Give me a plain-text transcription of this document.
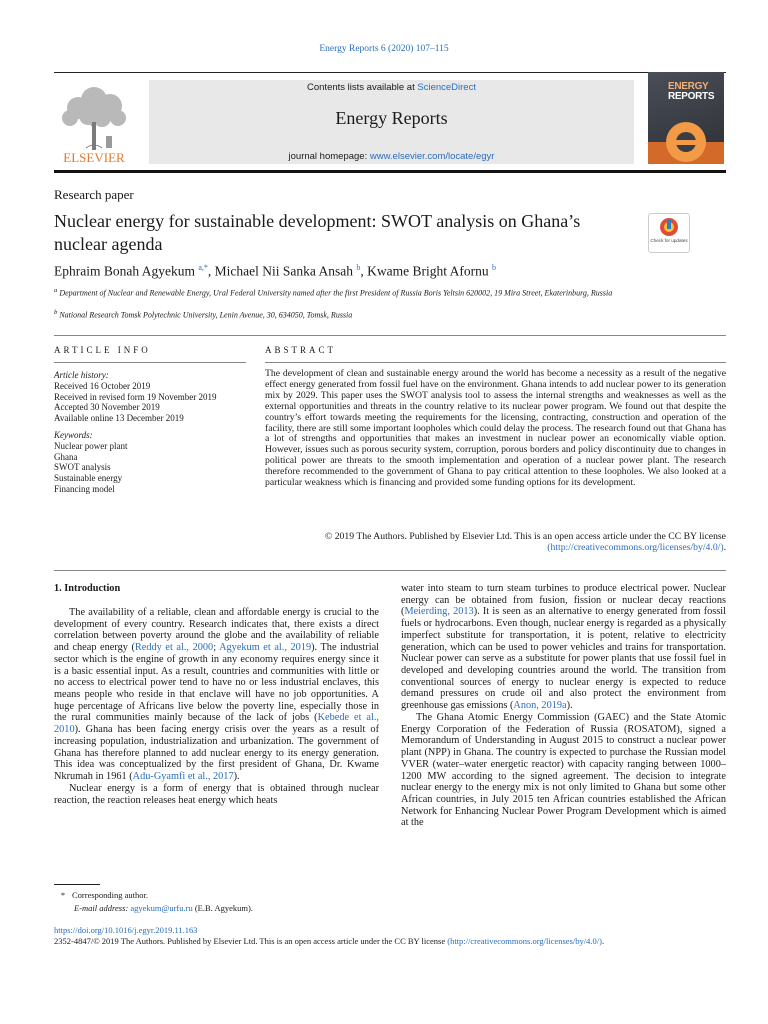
Energy Reports 6 (2020) 107–115
ELSEVIER
Contents lists available at ScienceDirect
Energy Reports
journal homepage: www.elsevier.com/locate/egyr
ENERGY
REPORTS
Research paper
Nuclear energy for sustainable development: SWOT analysis on Ghana’s nuclear agenda	Check for updates
Ephraim Bonah Agyekum $^{a,*}$, Michael Nii Sanka Ansah $^b$, Kwame Bright Afornu $^b$
$^a$ Department of Nuclear and Renewable Energy, Ural Federal University named after the first President of Russia Boris Yeltsin 620002, 19 Mira Street, Ekaterinburg, Russia
$^b$ National Research Tomsk Polytechnic University, Lenin Avenue, 30, 634050, Tomsk, Russia
ARTICLE INFO
Article history:
Received 16 October 2019
Received in revised form 19 November 2019
Accepted 30 November 2019
Available online 13 December 2019
Keywords:
Nuclear power plant
Ghana
SWOT analysis
Sustainable energy
Financing model
ABSTRACT
The development of clean and sustainable energy around the world has become a necessity as a result of the negative effect energy generated from fossil fuel have on the environment. Ghana intends to add nuclear power to its generation mix by 2029. This paper uses the SWOT analysis tool to assess the internal strengths and weaknesses as well as the external opportunities and threats in the country relative to its nuclear power program. We found out that despite the country’s effort towards meeting the requirements for the licensing, contracting, construction and operation of the facility, there are still some important loopholes which could delay the process. The research found out that Ghana has a lot of strengths and opportunities that makes an investment in nuclear power an economically viable option. However, issues such as porous security system, corruption, porous borders and policy discontinuity due to changes in political power are threats to the smooth implementation and operation of a nuclear power plant. The research therefore recommended to the government of Ghana to pay critical attention to these loopholes. We also looked at a particular weakness which is financing and provided some funding options for its development.
© 2019 The Authors. Published by Elsevier Ltd. This is an open access article under the CC BY license (http://creativecommons.org/licenses/by/4.0/).
1. Introduction

The availability of a reliable, clean and affordable energy is crucial to the development of every country. Research indicates that, there exists a direct correlation between poverty around the globe and the availability of reliable and cheap energy (Reddy et al., 2000; Agyekum et al., 2019). The industrial sector which is the engine of growth in any economy requires energy since it is a basic essential input. As a result, countries and communities with little or no access to electrical power tend to have no or less industrial enclaves, this means people who reside in that enclave will have no job opportunities. A huge percentage of Africans live below the poverty line, especially those in the rural communities mainly because of the lack of jobs (Kebede et al., 2010). Ghana has been facing energy crisis over the years as a result of increasing population, industrialization and urbanization. The government of Ghana has therefore planned to add nuclear energy to its energy generation. This idea was conceptualized by the first president of Ghana, Dr. Kwame Nkrumah in 1961 (Adu-Gyamfi et al., 2017).

Nuclear energy is a form of energy that is obtained through nuclear reaction, the reaction releases heat energy which heats

water into steam to turn steam turbines to produce electrical power. Nuclear energy can be obtained from fusion, fission or nuclear decay reactions (Meierding, 2013). It is seen as an alternative to energy generated from fossil fuels or hydrocarbons. Even though, nuclear energy is regarded as a physically imperfect substitute for transportation, it is potent, relative to electricity generation, which can be used to power vehicles and trains for transportation. Nuclear power can serve as a substitute for power plants that use fossil fuel in developed and developing countries around the world. The transition from conventional sources of energy to nuclear energy is expected to reduce demand pressures on crude oil and also protect the environment from greenhouse gas emissions (Anon, 2019a).

The Ghana Atomic Energy Commission (GAEC) and the State Atomic Energy Corporation of the Federation of Russia (ROSATOM), signed a Memorandum of Understanding in August 2015 to construct a nuclear power plant (NPP) in Ghana. The country is expected to purchase the Russian model VVER (water–water energetic reactor) with capacity ranging between 1000–1200 MW according to the signed agreement. The decision to integrate nuclear energy to the energy mix is not only limited to Ghana but some other African countries, in July 2015 ten African countries established the African Network for Enhancing Nuclear Power Program Development which is aimed at the

* Corresponding author.
E-mail address: agyekum@urfu.ru (E.B. Agyekum).
https://doi.org/10.1016/j.egyr.2019.11.163
2352-4847/© 2019 The Authors. Published by Elsevier Ltd. This is an open access article under the CC BY license (http://creativecommons.org/licenses/by/4.0/).
